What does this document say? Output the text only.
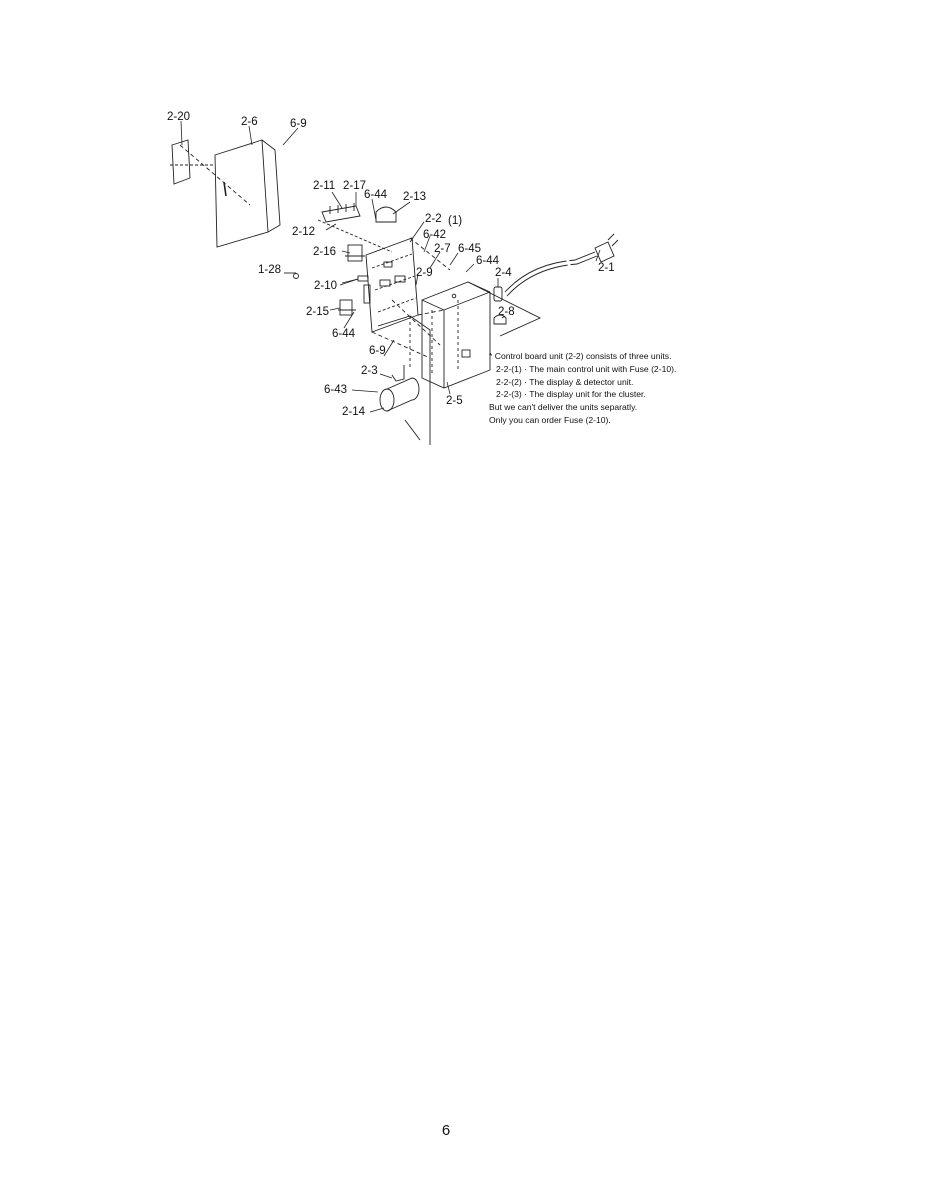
2-20	2-6	6-9
2-11 2-17
6-44 2-13
2-2 (1)
2-12	6-42
2-7 6-45
2-16
6-44
2-4	2-1
1-28	2-9
2-10
2-8
2-15
6-44
6-9
2-3
6-43
2-5
2-14
* Control board unit (2-2) consists of three units.
2-2-(1) · The main control unit with Fuse (2-10).
2-2-(2) · The display & detector unit.
2-2-(3) · The display unit for the cluster.
But we can't deliver the units separatly.
Only you can order Fuse (2-10).
6
